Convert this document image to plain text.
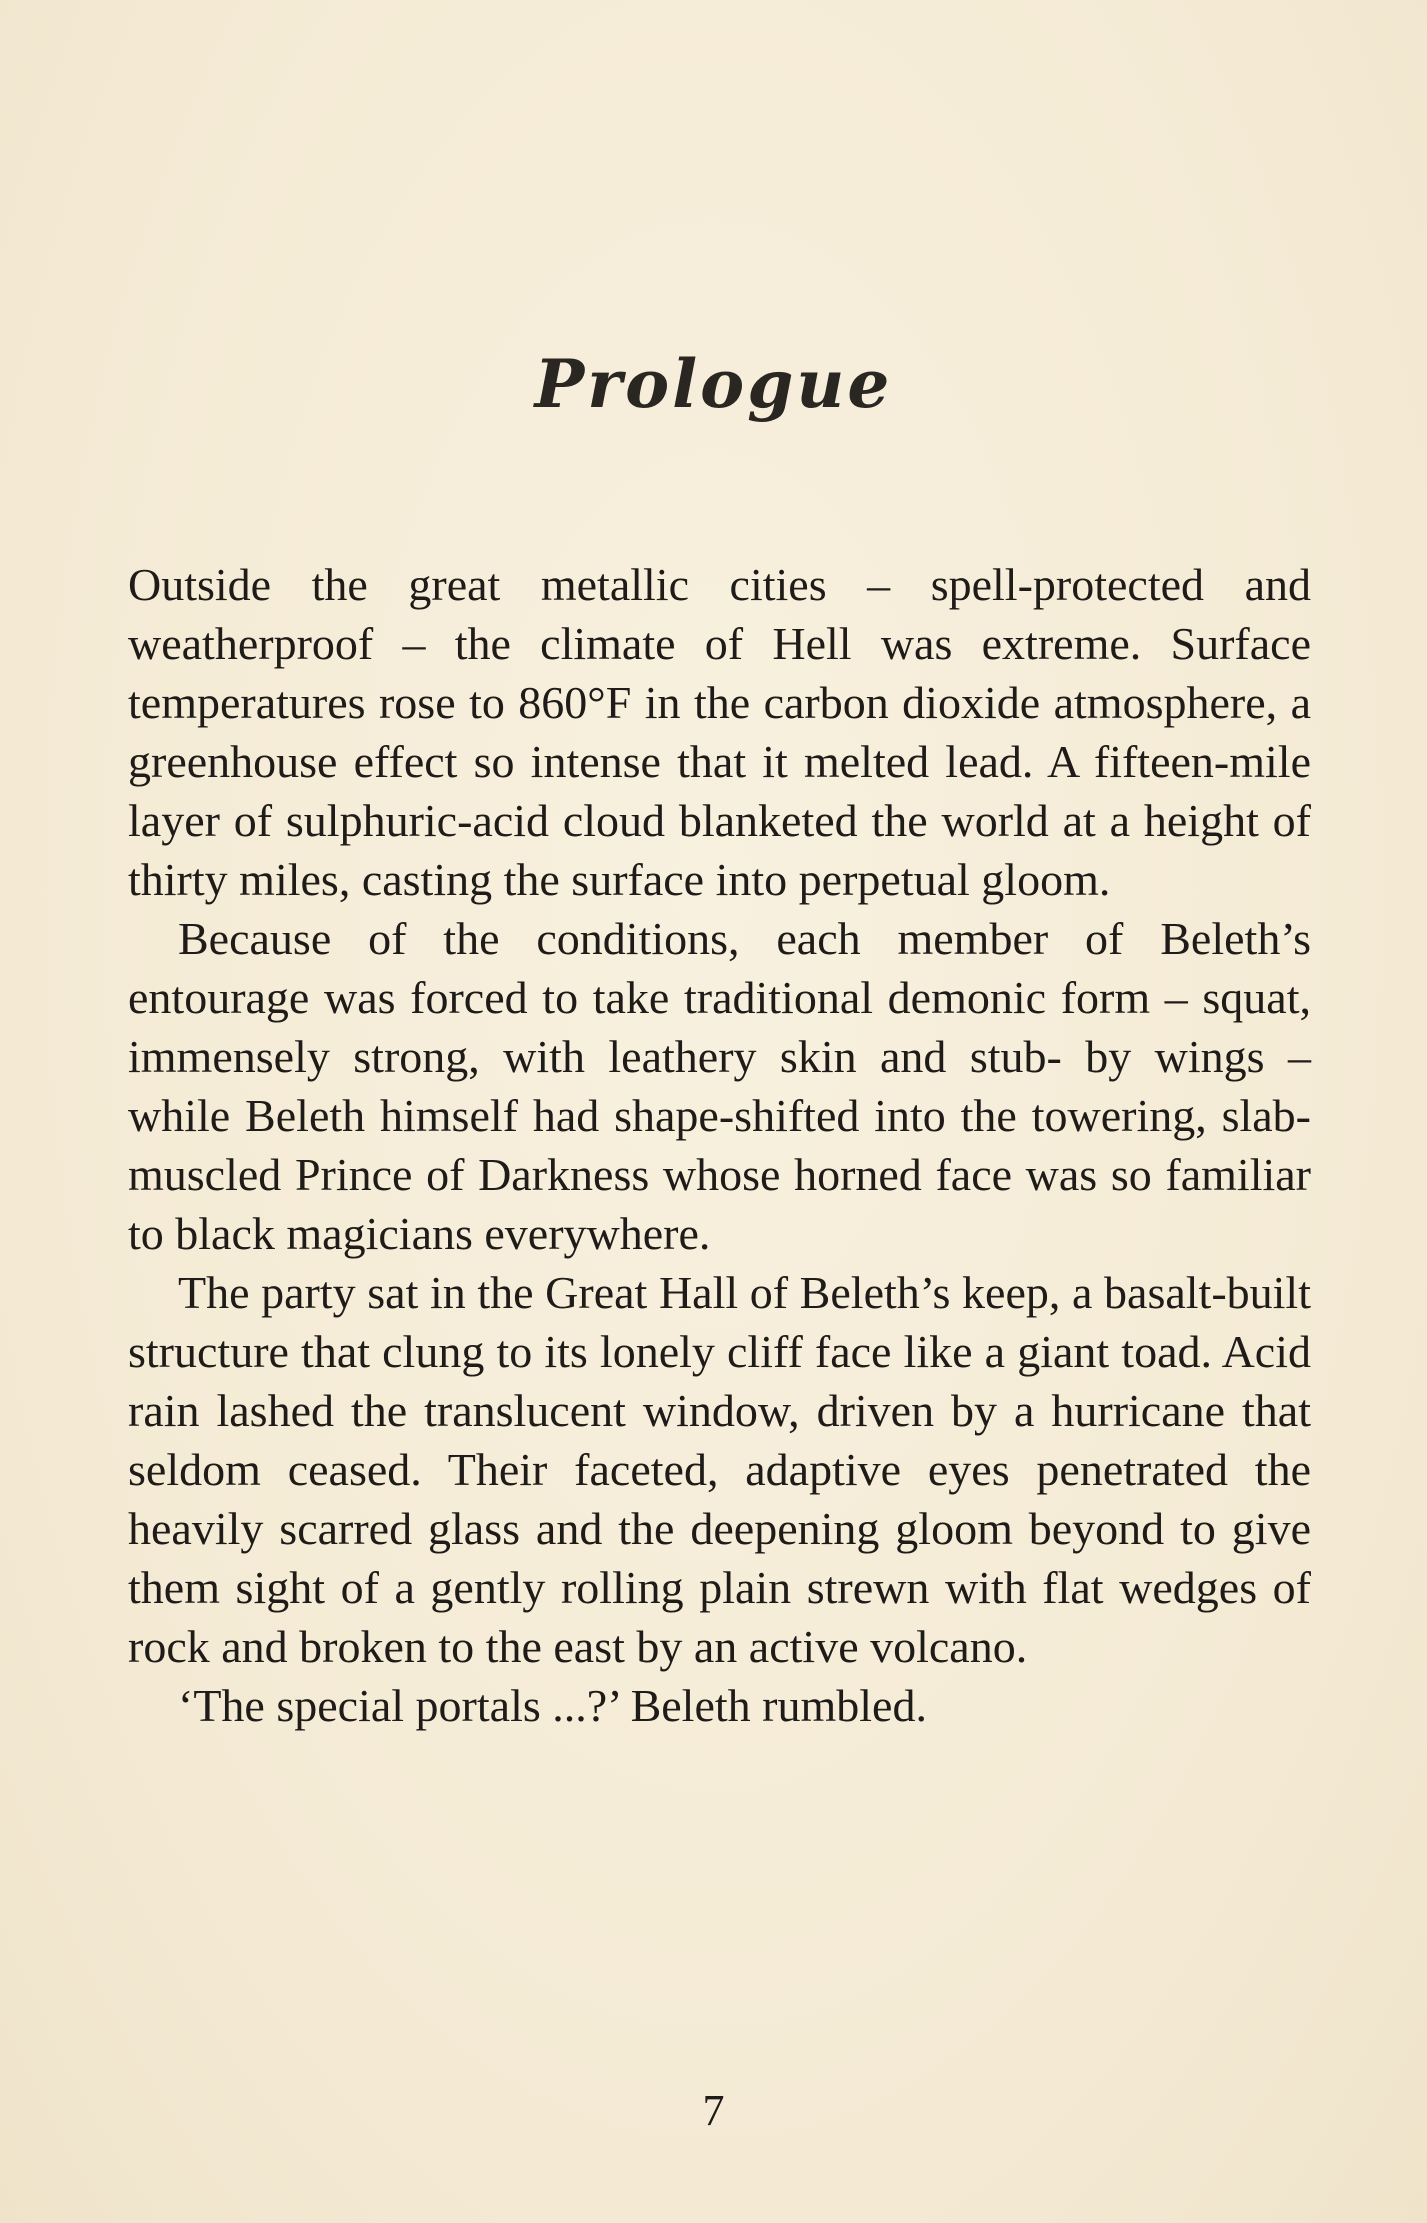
Prologue

Outside the great metallic cities – spell-protected and weatherproof – the climate of Hell was extreme. Surface temperatures rose to 860°F in the carbon dioxide atmosphere, a greenhouse effect so intense that it melted lead. A fifteen-mile layer of sulphuric-acid cloud blanketed the world at a height of thirty miles, casting the surface into perpetual gloom.

Because of the conditions, each member of Beleth’s entourage was forced to take traditional demonic form – squat, immensely strong, with leathery skin and stub- by wings – while Beleth himself had shape-shifted into the towering, slab-muscled Prince of Darkness whose horned face was so familiar to black magicians everywhere.

The party sat in the Great Hall of Beleth’s keep, a basalt-built structure that clung to its lonely cliff face like a giant toad. Acid rain lashed the translucent window, driven by a hurricane that seldom ceased. Their faceted, adaptive eyes penetrated the heavily scarred glass and the deepening gloom beyond to give them sight of a gently rolling plain strewn with flat wedges of rock and broken to the east by an active volcano.

‘The special portals ...?’ Beleth rumbled.

7
